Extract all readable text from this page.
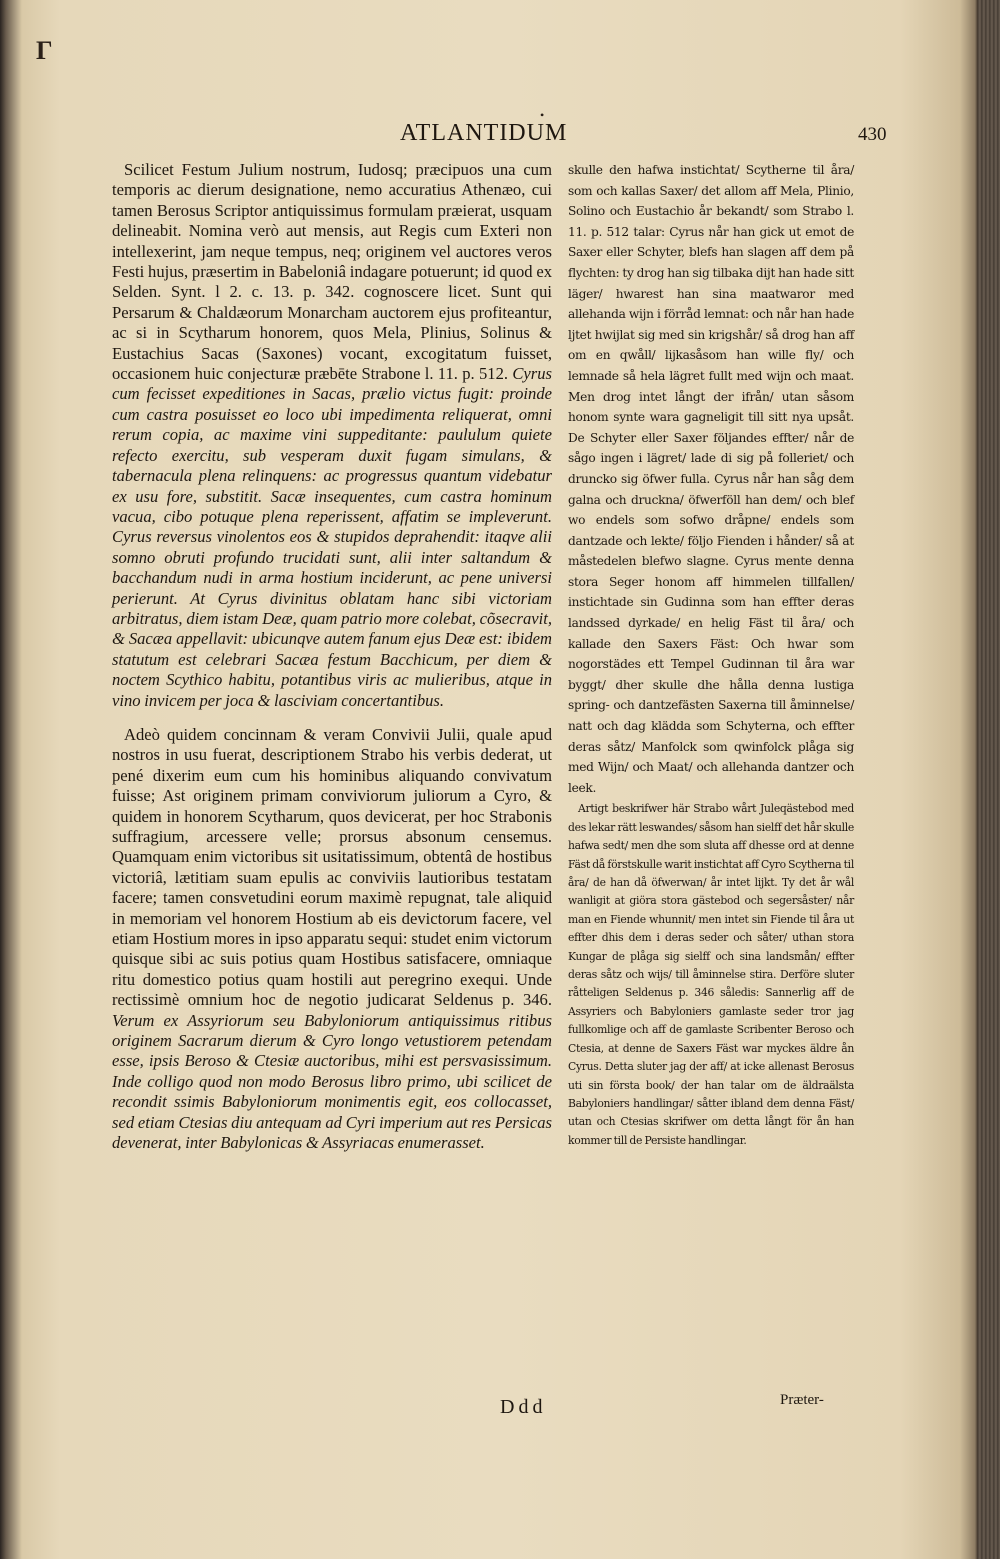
Г
•
ATLANTIDUM	430

Scilicet Festum Julium nostrum, Iudosq; præcipuos una cum temporis ac dierum designatione, nemo accuratius Athenæo, cui tamen Berosus Scriptor antiquissimus formulam præierat, usquam delineabit. Nomina verò aut mensis, aut Regis cum Exteri non intellexerint, jam neque tempus, neq; originem vel auctores veros Festi hujus, præsertim in Babeloniâ indagare potuerunt; id quod ex Selden. Synt. l 2. c. 13. p. 342. cognoscere licet. Sunt qui Persarum & Chaldæorum Monarcham auctorem ejus profiteantur, ac si in Scytharum honorem, quos Mela, Plinius, Solinus & Eustachius Sacas (Saxones) vocant, excogitatum fuisset, occasionem huic conjecturæ præbēte Strabone l. 11. p. 512. Cyrus cum fecisset expeditiones in Sacas, prælio victus fugit: proinde cum castra posuisset eo loco ubi impedimenta reliquerat, omni rerum copia, ac maxime vini suppeditante: paululum quiete refecto exercitu, sub vesperam duxit fugam simulans, & tabernacula plena relinquens: ac progressus quantum videbatur ex usu fore, substitit. Sacæ insequentes, cum castra hominum vacua, cibo potuque plena reperissent, affatim se impleverunt. Cyrus reversus vinolentos eos & stupidos deprahendit: itaqve alii somno obruti profundo trucidati sunt, alii inter saltandum & bacchandum nudi in arma hostium inciderunt, ac pene universi perierunt. At Cyrus divinitus oblatam hanc sibi victoriam arbitratus, diem istam Deæ, quam patrio more colebat, cõsecravit, & Sacæa appellavit: ubicunqve autem fanum ejus Deæ est: ibidem statutum est celebrari Sacæa festum Bacchicum, per diem & noctem Scythico habitu, potantibus viris ac mulieribus, atque in vino invicem per joca & lasciviam concertantibus.

Adeò quidem concinnam & veram Convivii Julii, quale apud nostros in usu fuerat, descriptionem Strabo his verbis dederat, ut pené dixerim eum cum his hominibus aliquando convivatum fuisse; Ast originem primam conviviorum juliorum a Cyro, & quidem in honorem Scytharum, quos devicerat, per hoc Strabonis suffragium, arcessere velle; prorsus absonum censemus. Quamquam enim victoribus sit usitatissimum, obtentâ de hostibus victoriâ, lætitiam suam epulis ac conviviis lautioribus testatam facere; tamen consvetudini eorum maximè repugnat, tale aliquid in memoriam vel honorem Hostium ab eis devictorum facere, vel etiam Hostium mores in ipso apparatu sequi: studet enim victorum quisque sibi ac suis potius quam Hostibus satisfacere, omniaque ritu domestico potius quam hostili aut peregrino exequi. Unde rectissimè omnium hoc de negotio judicarat Seldenus p. 346. Verum ex Assyriorum seu Babyloniorum antiquissimus ritibus originem Sacrarum dierum & Cyro longo vetustiorem petendam esse, ipsis Beroso & Ctesiæ auctoribus, mihi est persvasissimum. Inde colligo quod non modo Berosus libro primo, ubi scilicet de recondit ssimis Babyloniorum monimentis egit, eos collocasset, sed etiam Ctesias diu antequam ad Cyri imperium aut res Persicas devenerat, inter Babylonicas & Assyriacas enumerasset.

skulle den hafwa instichtat/ Scytherne til åra/ som och kallas Saxer/ det allom aff Mela, Plinio, Solino och Eustachio år bekandt/ som Strabo l. 11. p. 512 talar: Cyrus når han gick ut emot de Saxer eller Schyter, blefs han slagen aff dem på flychten: ty drog han sig tilbaka dijt han hade sitt läger/ hwarest han sina maatwaror med allehanda wijn i förråd lemnat: och når han hade ljtet hwijlat sig med sin krigshår/ så drog han aff om en qwåll/ lijkasåsom han wille fly/ och lemnade så hela lägret fullt med wijn och maat. Men drog intet långt der ifrån/ utan såsom honom synte wara gagneligit till sitt nya upsåt. De Schyter eller Saxer följandes effter/ når de sågo ingen i lägret/ lade di sig på folleriet/ och druncko sig öfwer fulla. Cyrus når han såg dem galna och druckna/ öfwerföll han dem/ och blef wo endels som sofwo dråpne/ endels som dantzade och lekte/ följo Fienden i hånder/ så at måstedelen blefwo slagne. Cyrus mente denna stora Seger honom aff himmelen tillfallen/ instichtade sin Gudinna som han effter deras landssed dyrkade/ en helig Fäst til åra/ och kallade den Saxers Fäst: Och hwar som nogorstädes ett Tempel Gudinnan til åra war byggt/ dher skulle dhe hålla denna lustiga spring- och dantzefästen Saxerna till åminnelse/ natt och dag klädda som Schyterna, och effter deras såtz/ Manfolck som qwinfolck plåga sig med Wijn/ och Maat/ och allehanda dantzer och leek.

Artigt beskrifwer här Strabo wårt Juleqästebod med des lekar rätt leswandes/ såsom han sielff det hår skulle hafwa sedt/ men dhe som sluta aff dhesse ord at denne Fäst då förstskulle warit instichtat aff Cyro Scytherna til åra/ de han då öfwerwan/ år intet lijkt. Ty det år wål wanligit at giöra stora gästebod och segersåster/ når man en Fiende whunnit/ men intet sin Fiende til åra ut effter dhis dem i deras seder och såter/ uthan stora Kungar de plåga sig sielff och sina landsmån/ effter deras såtz och wijs/ till åminnelse stira. Derföre sluter råtteligen Seldenus p. 346 såledis: Sannerlig aff de Assyriers och Babyloniers gamlaste seder tror jag fullkomlige och aff de gamlaste Scribenter Beroso och Ctesia, at denne de Saxers Fäst war myckes äldre ån Cyrus. Detta sluter jag der aff/ at icke allenast Berosus uti sin första book/ der han talar om de äldraälsta Babyloniers handlingar/ såtter ibland dem denna Fäst/ utan och Ctesias skrifwer om detta långt för ån han kommer till de Persiste handlingar.

Ddd	Præter-
